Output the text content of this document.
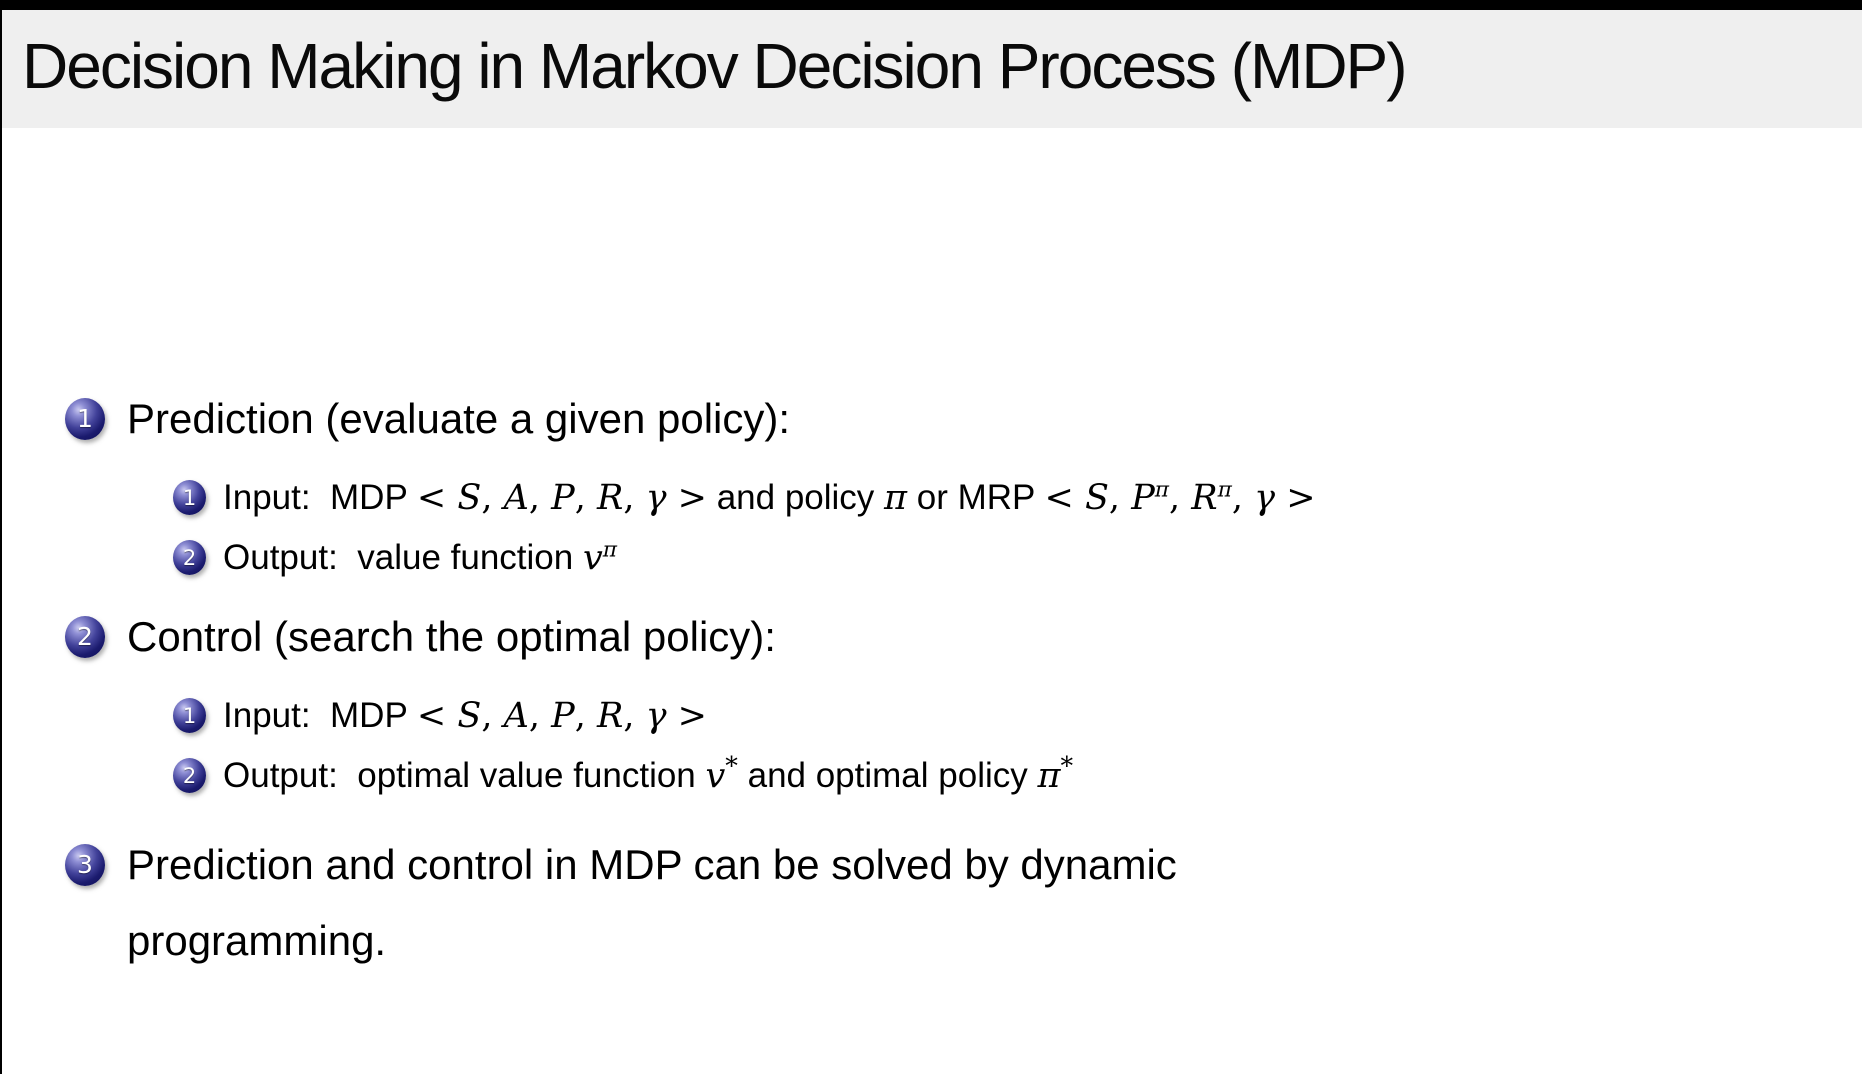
Decision Making in Markov Decision Process (MDP)
1 Prediction (evaluate a given policy):
1 Input:  MDP < S, A, P, R, γ > and policy π or MRP < S, $P^\pi$, $R^\pi$, γ >
2 Output:  value function $v^\pi$
2 Control (search the optimal policy):
1 Input:  MDP < S, A, P, R, γ >
2 Output:  optimal value function v* and optimal policy π*
3 Prediction and control in MDP can be solved by dynamic
programming.
